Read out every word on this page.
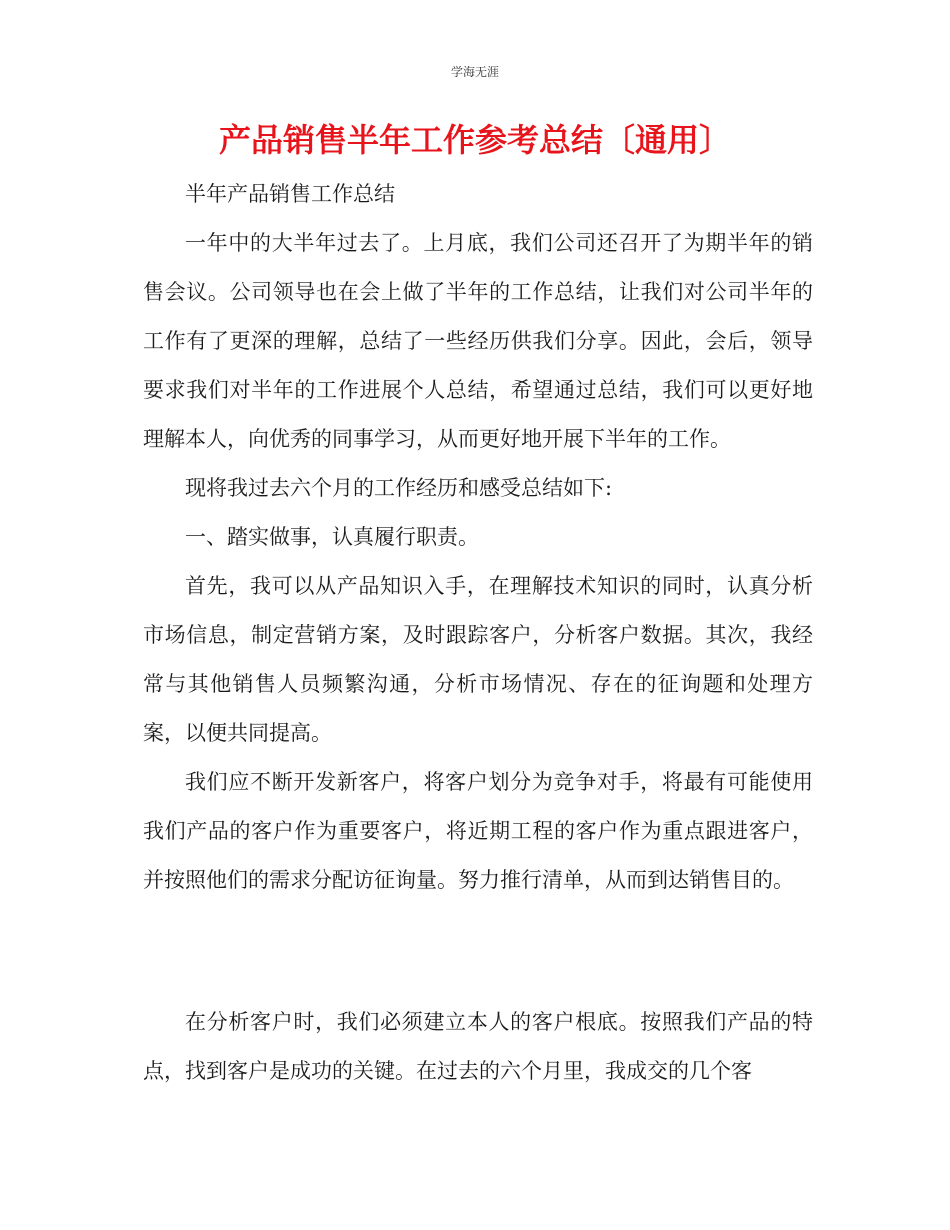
学海无涯
产品销售半年工作参考总结〔通用〕

半年产品销售工作总结

一年中的大半年过去了。上月底，我们公司还召开了为期半年的销售会议。公司领导也在会上做了半年的工作总结，让我们对公司半年的工作有了更深的理解，总结了一些经历供我们分享。因此，会后，领导要求我们对半年的工作进展个人总结，希望通过总结，我们可以更好地理解本人，向优秀的同事学习，从而更好地开展下半年的工作。

现将我过去六个月的工作经历和感受总结如下:

一、踏实做事，认真履行职责。

首先，我可以从产品知识入手，在理解技术知识的同时，认真分析市场信息，制定营销方案，及时跟踪客户，分析客户数据。其次，我经常与其他销售人员频繁沟通，分析市场情况、存在的征询题和处理方案，以便共同提高。

我们应不断开发新客户，将客户划分为竞争对手，将最有可能使用我们产品的客户作为重要客户，将近期工程的客户作为重点跟进客户，并按照他们的需求分配访征询量。努力推行清单，从而到达销售目的。

在分析客户时，我们必须建立本人的客户根底。按照我们产品的特点，找到客户是成功的关键。在过去的六个月里，我成交的几个客
